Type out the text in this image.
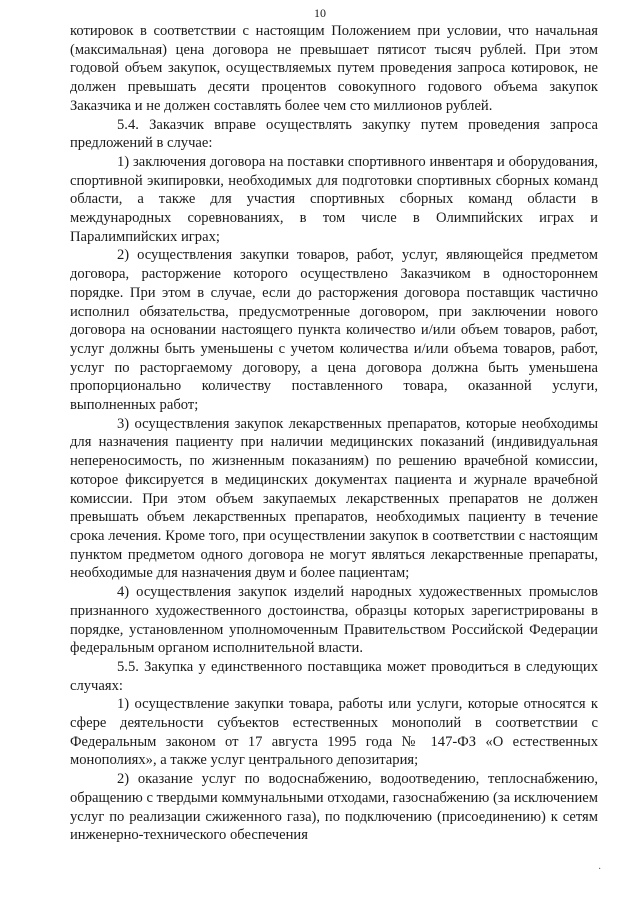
10

котировок в соответствии с настоящим Положением при условии, что начальная (максимальная) цена договора не превышает пятисот тысяч рублей. При этом годовой объем закупок, осуществляемых путем проведения запроса котировок, не должен превышать десяти процентов совокупного годового объема закупок Заказчика и не должен составлять более чем сто миллионов рублей.

5.4. Заказчик вправе осуществлять закупку путем проведения запроса предложений в случае:

1) заключения договора на поставки спортивного инвентаря и оборудования, спортивной экипировки, необходимых для подготовки спортивных сборных команд области, а также для участия спортивных сборных команд области в международных соревнованиях, в том числе в Олимпийских играх и Паралимпийских играх;

2) осуществления закупки товаров, работ, услуг, являющейся предметом договора, расторжение которого осуществлено Заказчиком в одностороннем порядке. При этом в случае, если до расторжения договора поставщик частично исполнил обязательства, предусмотренные договором, при заключении нового договора на основании настоящего пункта количество и/или объем товаров, работ, услуг должны быть уменьшены с учетом количества и/или объема товаров, работ, услуг по расторгаемому договору, а цена договора должна быть уменьшена пропорционально количеству поставленного товара, оказанной услуги, выполненных работ;

3) осуществления закупок лекарственных препаратов, которые необходимы для назначения пациенту при наличии медицинских показаний (индивидуальная непереносимость, по жизненным показаниям) по решению врачебной комиссии, которое фиксируется в медицинских документах пациента и журнале врачебной комиссии. При этом объем закупаемых лекарственных препаратов не должен превышать объем лекарственных препаратов, необходимых пациенту в течение срока лечения. Кроме того, при осуществлении закупок в соответствии с настоящим пунктом предметом одного договора не могут являться лекарственные препараты, необходимые для назначения двум и более пациентам;

4) осуществления закупок изделий народных художественных промыслов признанного художественного достоинства, образцы которых зарегистрированы в порядке, установленном уполномоченным Правительством Российской Федерации федеральным органом исполнительной власти.

5.5. Закупка у единственного поставщика может проводиться в следующих случаях:

1) осуществление закупки товара, работы или услуги, которые относятся к сфере деятельности субъектов естественных монополий в соответствии с Федеральным законом от 17 августа 1995 года № 147-ФЗ «О естественных монополиях», а также услуг центрального депозитария;

2) оказание услуг по водоснабжению, водоотведению, теплоснабжению, обращению с твердыми коммунальными отходами, газоснабжению (за исключением услуг по реализации сжиженного газа), по подключению (присоединению) к сетям инженерно-технического обеспечения

·
